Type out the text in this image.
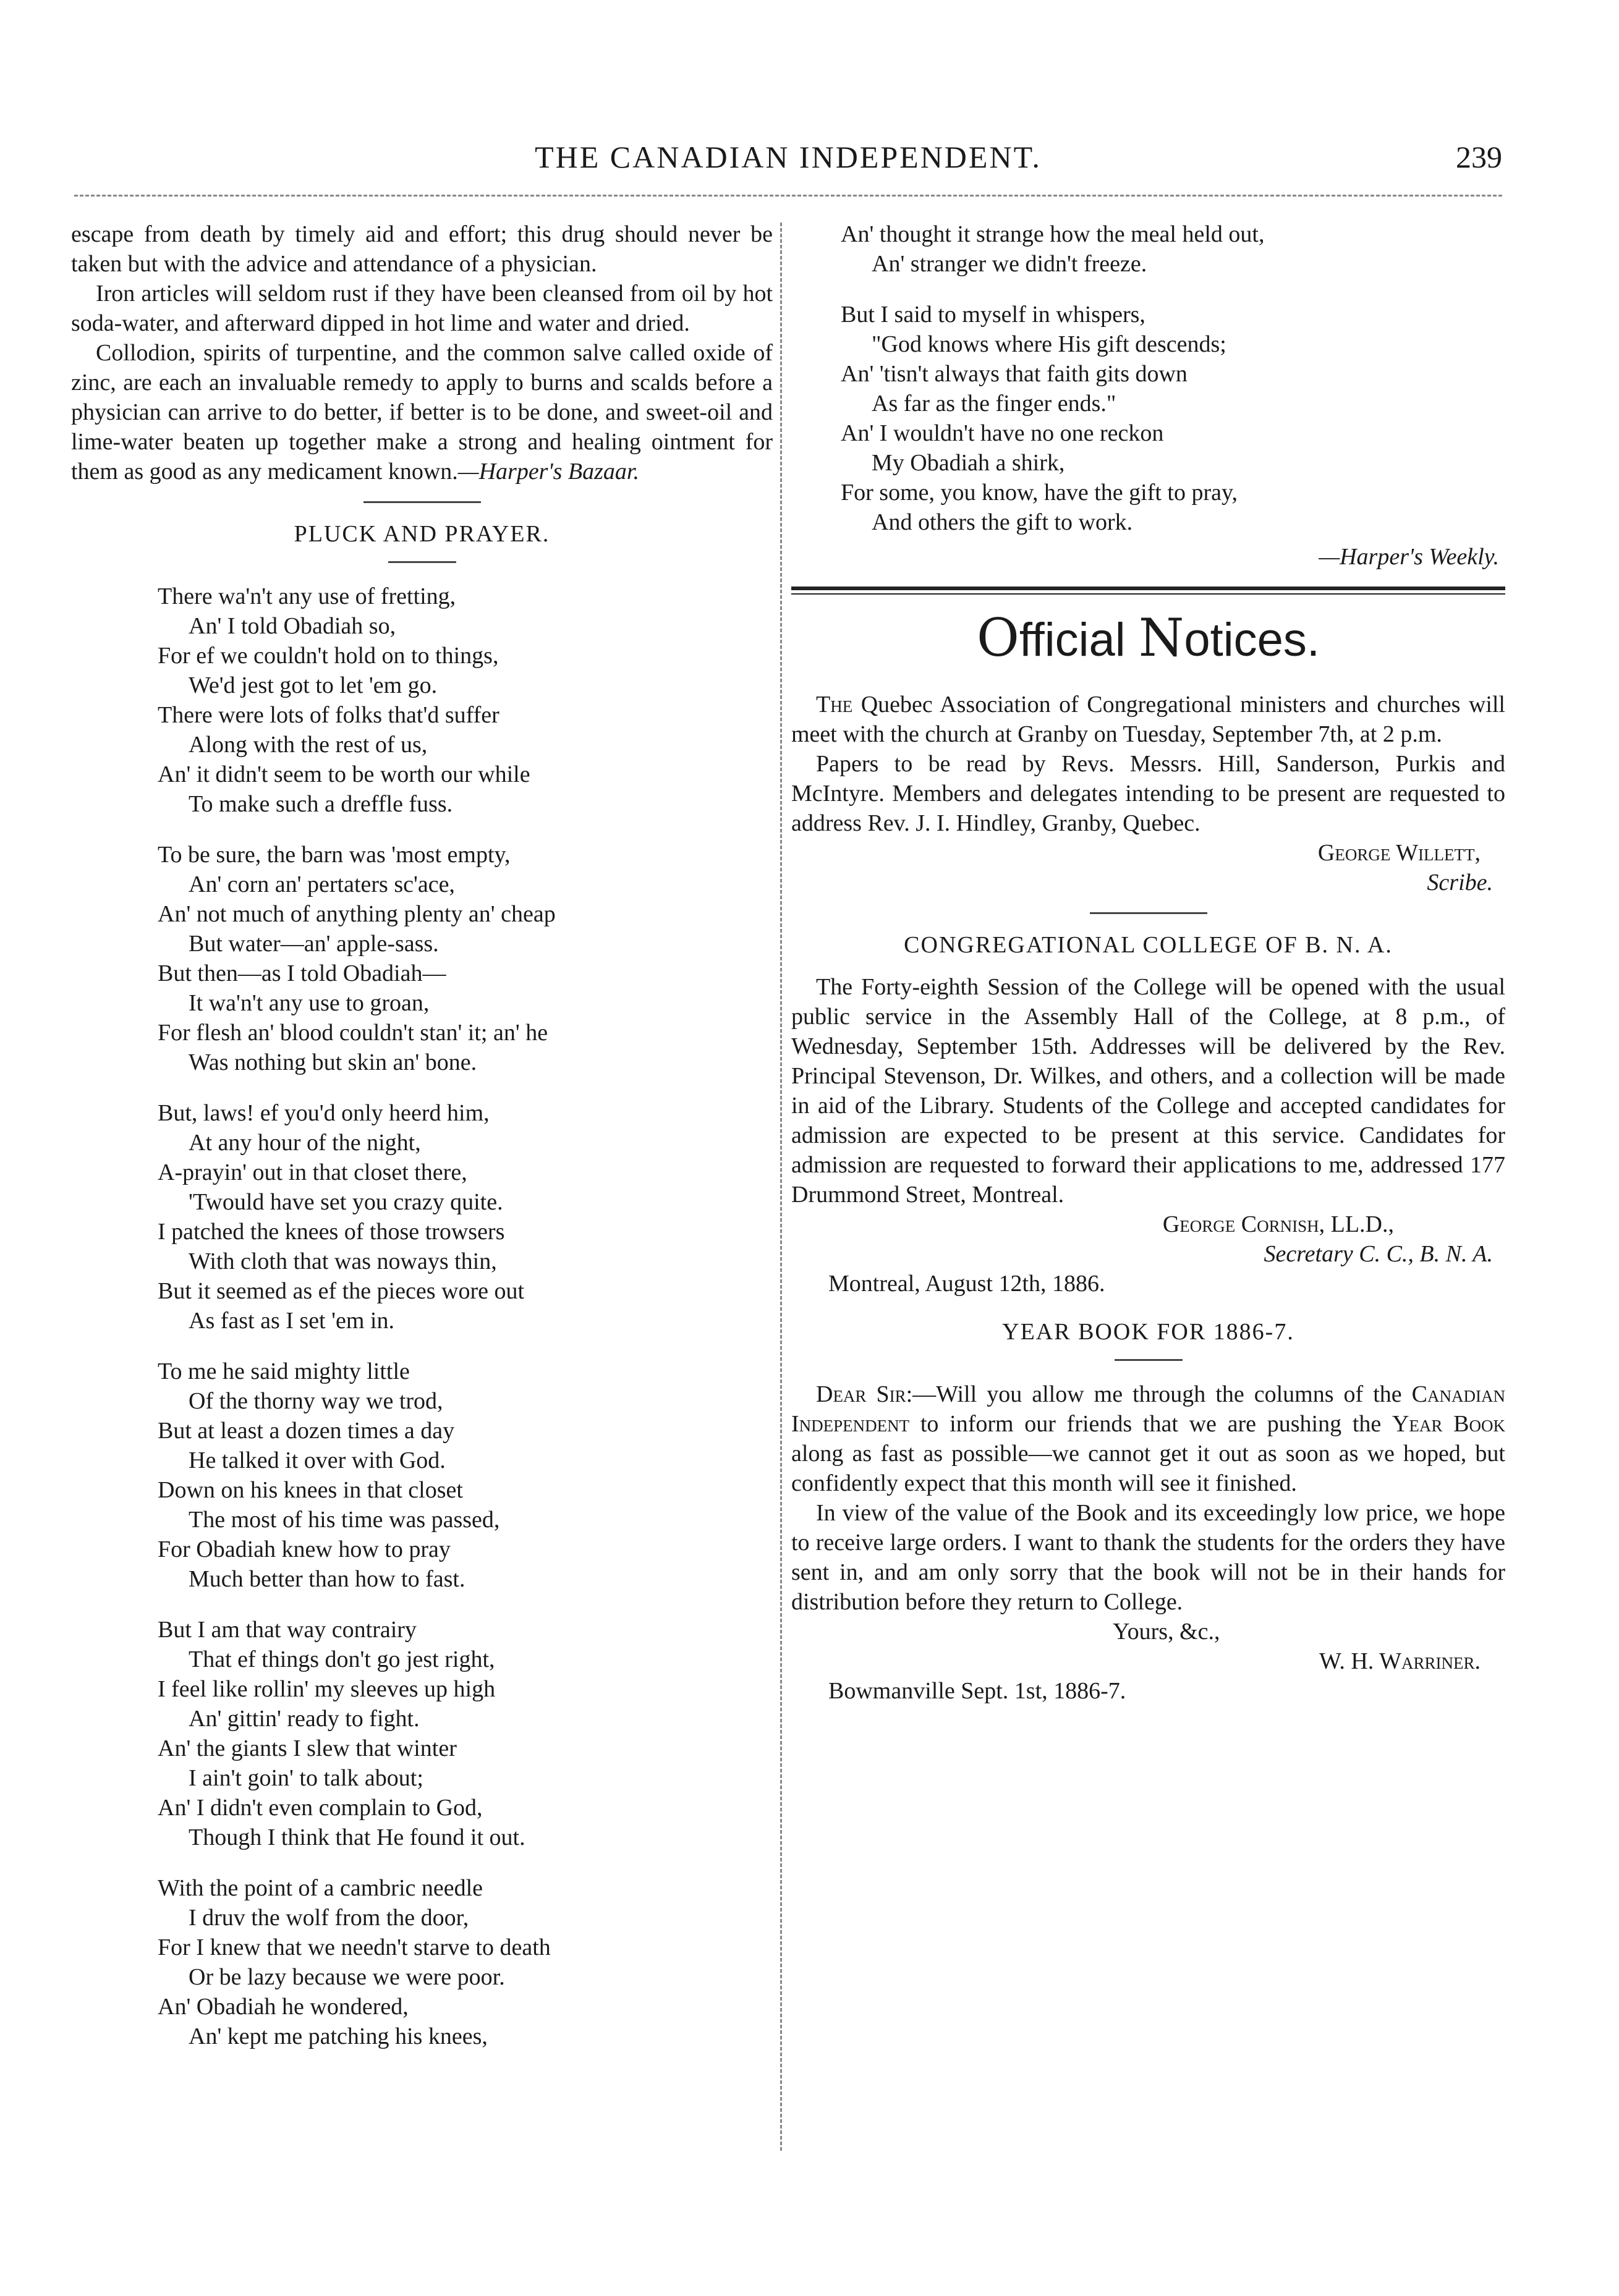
THE CANADIAN INDEPENDENT.	239

escape from death by timely aid and effort; this drug should never be taken but with the advice and attendance of a physician.

Iron articles will seldom rust if they have been cleansed from oil by hot soda-water, and afterward dipped in hot lime and water and dried.

Collodion, spirits of turpentine, and the common salve called oxide of zinc, are each an invaluable remedy to apply to burns and scalds before a physician can arrive to do better, if better is to be done, and sweet-oil and lime-water beaten up together make a strong and healing ointment for them as good as any medicament known.—Harper's Bazaar.

PLUCK AND PRAYER.
There wa'n't any use of fretting,
An' I told Obadiah so,
For ef we couldn't hold on to things,
We'd jest got to let 'em go.
There were lots of folks that'd suffer
Along with the rest of us,
An' it didn't seem to be worth our while
To make such a dreffle fuss.
To be sure, the barn was 'most empty,
An' corn an' pertaters sc'ace,
An' not much of anything plenty an' cheap
But water—an' apple-sass.
But then—as I told Obadiah—
It wa'n't any use to groan,
For flesh an' blood couldn't stan' it; an' he
Was nothing but skin an' bone.
But, laws! ef you'd only heerd him,
At any hour of the night,
A-prayin' out in that closet there,
'Twould have set you crazy quite.
I patched the knees of those trowsers
With cloth that was noways thin,
But it seemed as ef the pieces wore out
As fast as I set 'em in.
To me he said mighty little
Of the thorny way we trod,
But at least a dozen times a day
He talked it over with God.
Down on his knees in that closet
The most of his time was passed,
For Obadiah knew how to pray
Much better than how to fast.
But I am that way contrairy
That ef things don't go jest right,
I feel like rollin' my sleeves up high
An' gittin' ready to fight.
An' the giants I slew that winter
I ain't goin' to talk about;
An' I didn't even complain to God,
Though I think that He found it out.
With the point of a cambric needle
I druv the wolf from the door,
For I knew that we needn't starve to death
Or be lazy because we were poor.
An' Obadiah he wondered,
An' kept me patching his knees,
An' thought it strange how the meal held out,
An' stranger we didn't freeze.
But I said to myself in whispers,
"God knows where His gift descends;
An' 'tisn't always that faith gits down
As far as the finger ends."
An' I wouldn't have no one reckon
My Obadiah a shirk,
For some, you know, have the gift to pray,
And others the gift to work.
—Harper's Weekly.
Official Notices.

The Quebec Association of Congregational ministers and churches will meet with the church at Granby on Tuesday, September 7th, at 2 p.m.

Papers to be read by Revs. Messrs. Hill, Sanderson, Purkis and McIntyre. Members and delegates intending to be present are requested to address Rev. J. I. Hindley, Granby, Quebec.

George Willett,
Scribe.
CONGREGATIONAL COLLEGE OF B. N. A.

The Forty-eighth Session of the College will be opened with the usual public service in the Assembly Hall of the College, at 8 p.m., of Wednesday, September 15th. Addresses will be delivered by the Rev. Principal Stevenson, Dr. Wilkes, and others, and a collection will be made in aid of the Library. Students of the College and accepted candidates for admission are expected to be present at this service. Candidates for admission are requested to forward their applications to me, addressed 177 Drummond Street, Montreal.

George Cornish, LL.D.,
Secretary C. C., B. N. A.
Montreal, August 12th, 1886.
YEAR BOOK FOR 1886-7.

Dear Sir:—Will you allow me through the columns of the Canadian Independent to inform our friends that we are pushing the Year Book along as fast as possible—we cannot get it out as soon as we hoped, but confidently expect that this month will see it finished.

In view of the value of the Book and its exceedingly low price, we hope to receive large orders. I want to thank the students for the orders they have sent in, and am only sorry that the book will not be in their hands for distribution before they return to College.

Yours, &c.,
W. H. Warriner.
Bowmanville Sept. 1st, 1886-7.
